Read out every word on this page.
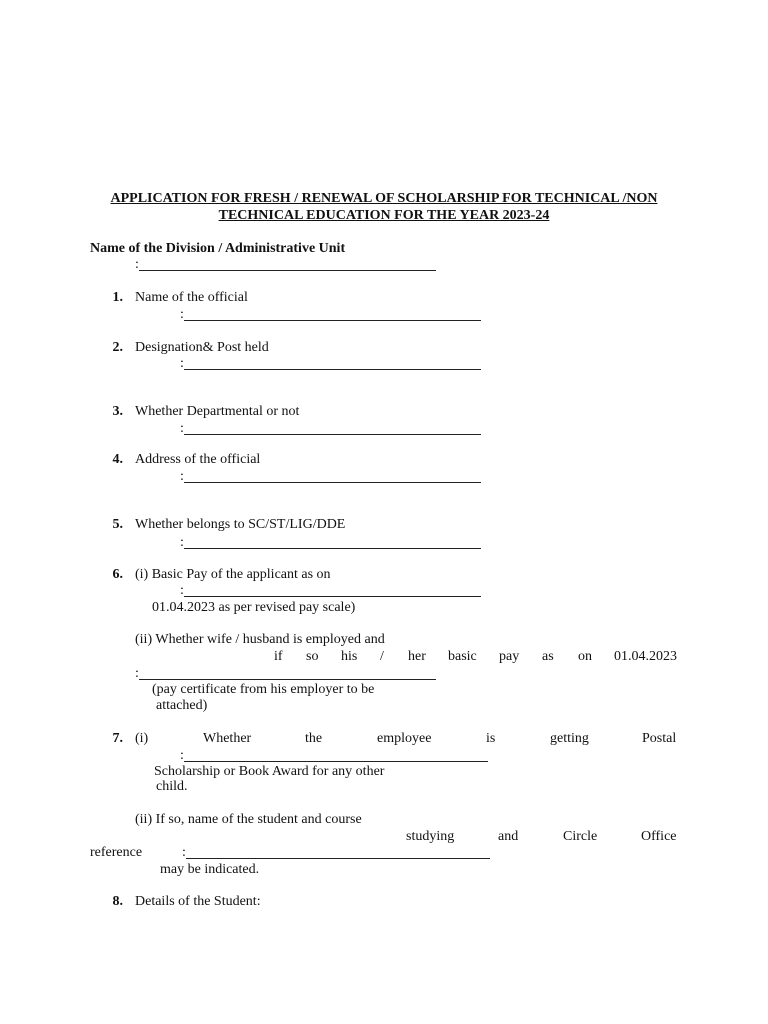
APPLICATION FOR FRESH / RENEWAL OF SCHOLARSHIP FOR TECHNICAL /NON
TECHNICAL EDUCATION FOR THE YEAR 2023-24
Name of the Division / Administrative Unit
:
1. Name of the official
:
2. Designation& Post held
:
3. Whether Departmental or not
:
4. Address of the official
:
5. Whether belongs to SC/ST/LIG/DDE
:
6. (i) Basic Pay of the applicant as on
:
01.04.2023 as per revised pay scale)
(ii) Whether wife / husband is employed and
if so his / her basic pay as on 01.04.2023
:
(pay certificate from his employer to be
attached)
7. (i)	Whether	the	employee	is	getting	Postal
:
Scholarship or Book Award for any other
child.
(ii) If so, name of the student and course
studying	and	Circle	Office
reference	:
may be indicated.
8. Details of the Student:
